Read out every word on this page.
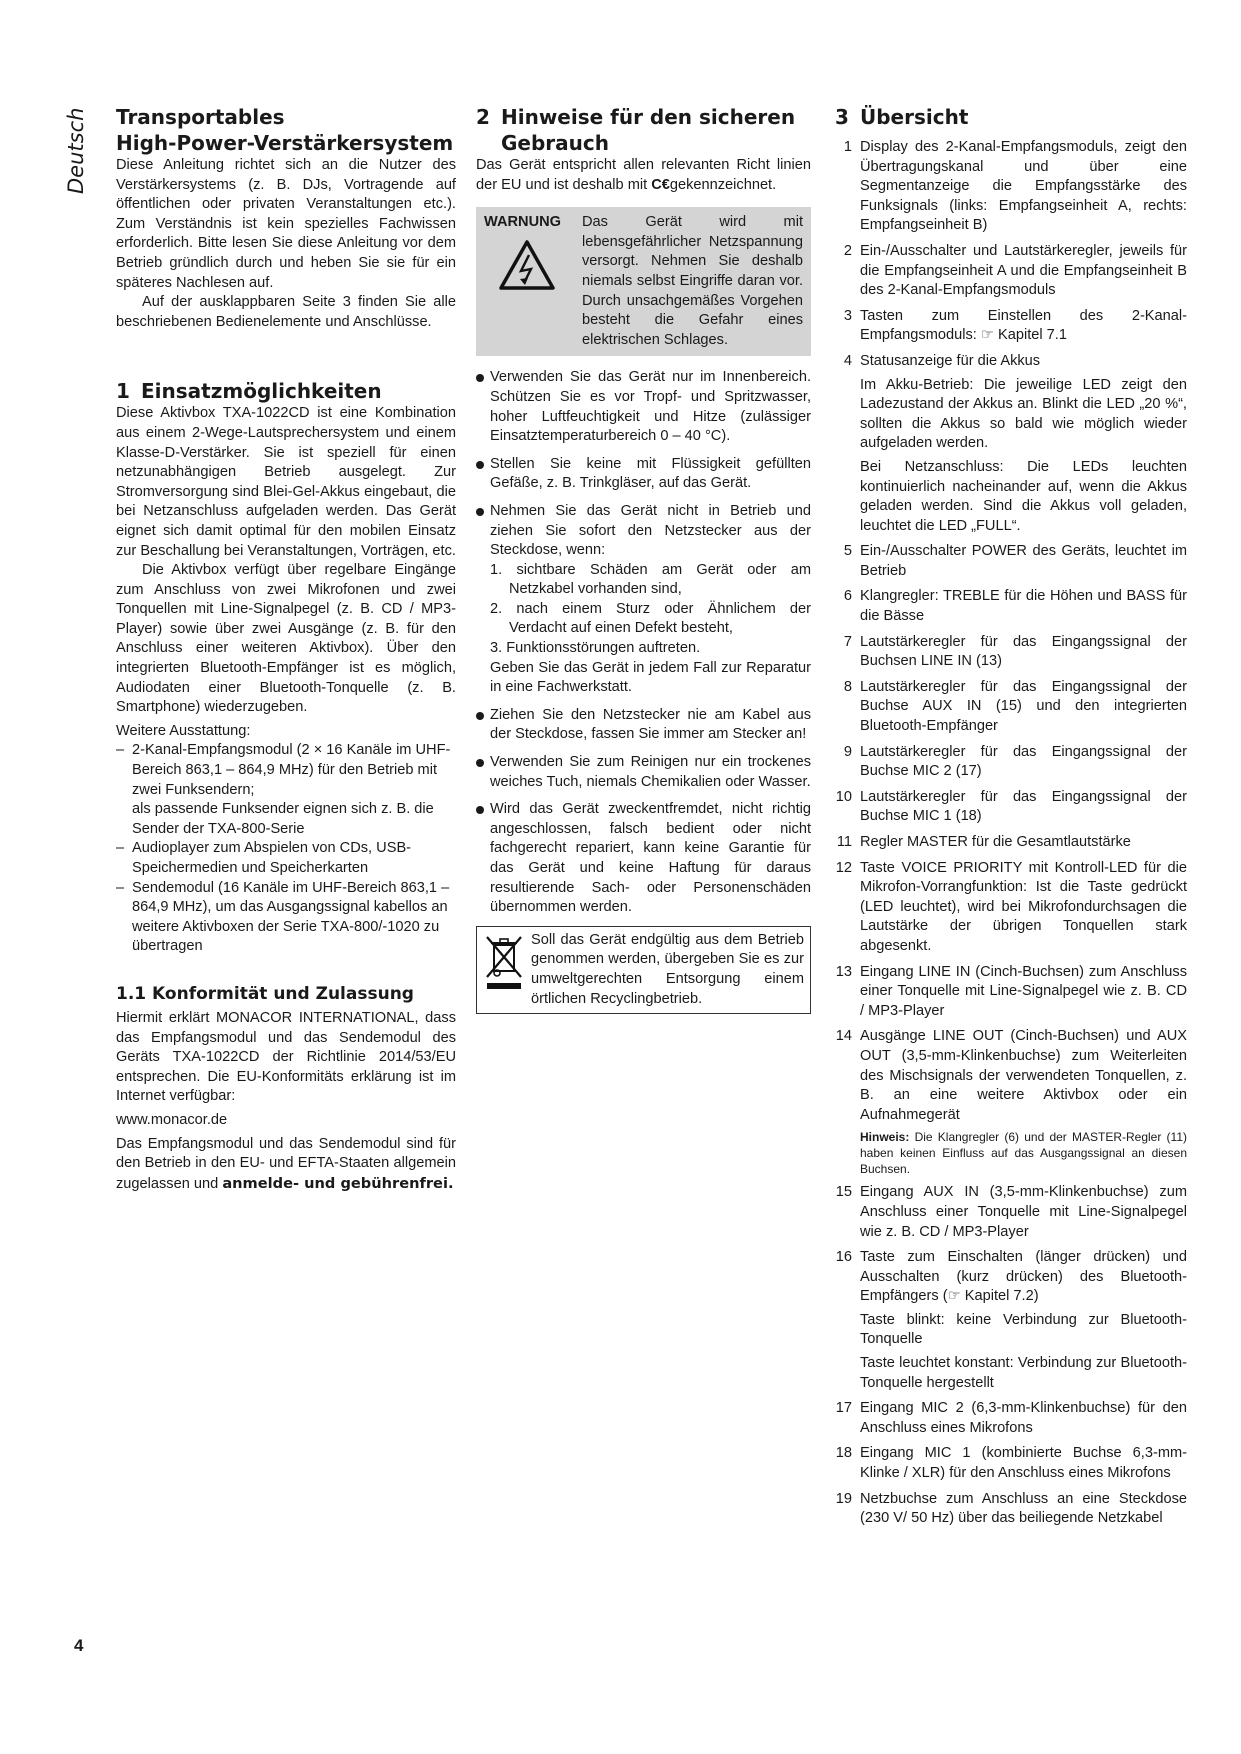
Deutsch Transportables
High-Power-Verstärkersystem

Diese Anleitung richtet sich an die Nutzer des Verstärkersystems (z. B. DJs, Vortragende auf öffentlichen oder privaten Veranstaltungen etc.). Zum Verständnis ist kein spezielles Fachwissen erforderlich. Bitte lesen Sie diese Anleitung vor dem Betrieb gründlich durch und heben Sie sie für ein späteres Nachlesen auf.

Auf der ausklappbaren Seite 3 finden Sie alle beschriebenen Bedienelemente und Anschlüsse.

1 Einsatzmöglichkeiten

Diese Aktivbox TXA-1022CD ist eine Kombination aus einem 2-Wege-Lautsprechersystem und einem Klasse-D-Verstärker. Sie ist speziell für einen netzunabhängigen Betrieb ausgelegt. Zur Stromversorgung sind Blei-Gel-Akkus eingebaut, die bei Netzanschluss aufgeladen werden. Das Gerät eignet sich damit optimal für den mobilen Einsatz zur Beschallung bei Veranstaltungen, Vorträgen, etc.

Die Aktivbox verfügt über regelbare Eingänge zum Anschluss von zwei Mikrofonen und zwei Tonquellen mit Line-Signalpegel (z. B. CD / MP3-Player) sowie über zwei Ausgänge (z. B. für den Anschluss einer weiteren Aktivbox). Über den integrierten Bluetooth-Empfänger ist es möglich, Audiodaten einer Bluetooth-Tonquelle (z. B. Smartphone) wiederzugeben.

Weitere Ausstattung:

– 2-Kanal-Empfangsmodul (2 × 16 Kanäle im UHF-Bereich 863,1 – 864,9 MHz) für den Betrieb mit zwei Funksendern;
als passende Funksender eignen sich z. B. die Sender der TXA-800-Serie
– Audioplayer zum Abspielen von CDs, USB-Speichermedien und Speicherkarten
– Sendemodul (16 Kanäle im UHF-Bereich 863,1 – 864,9 MHz), um das Ausgangssignal kabellos an weitere Aktivboxen der Serie TXA-800/-1020 zu übertragen
1.1 Konformität und Zulassung

Hiermit erklärt MONACOR INTERNATIONAL, dass das Empfangsmodul und das Sendemodul des Geräts TXA-1022CD der Richtlinie 2014/53/EU entsprechen. Die EU-Konformitäts erklärung ist im Internet verfügbar:

www.monacor.de

Das Empfangsmodul und das Sendemodul sind für den Betrieb in den EU- und EFTA-Staaten allgemein zugelassen und anmelde- und gebührenfrei.

2 Hinweise für den sicheren
Gebrauch

Das Gerät entspricht allen relevanten Richt linien der EU und ist deshalb mit C€gekennzeichnet.

WARNUNG	Das Gerät wird mit lebensgefährlicher Netzspannung versorgt. Nehmen Sie deshalb niemals selbst Eingriffe daran vor. Durch unsachgemäßes Vorgehen besteht die Gefahr eines elektrischen Schlages.
Verwenden Sie das Gerät nur im Innenbereich. Schützen Sie es vor Tropf- und Spritzwasser, hoher Luftfeuchtigkeit und Hitze (zulässiger Einsatztemperaturbereich 0 – 40 °C).
Stellen Sie keine mit Flüssigkeit gefüllten Gefäße, z. B. Trinkgläser, auf das Gerät.
Nehmen Sie das Gerät nicht in Betrieb und ziehen Sie sofort den Netzstecker aus der Steckdose, wenn:
1. sichtbare Schäden am Gerät oder am Netzkabel vorhanden sind,
2. nach einem Sturz oder Ähnlichem der Verdacht auf einen Defekt besteht,
3. Funktionsstörungen auftreten.
Geben Sie das Gerät in jedem Fall zur Reparatur in eine Fachwerkstatt.
Ziehen Sie den Netzstecker nie am Kabel aus der Steckdose, fassen Sie immer am Stecker an!
Verwenden Sie zum Reinigen nur ein trockenes weiches Tuch, niemals Chemikalien oder Wasser.
Wird das Gerät zweckentfremdet, nicht richtig angeschlossen, falsch bedient oder nicht fachgerecht repariert, kann keine Garantie für das Gerät und keine Haftung für daraus resultierende Sach- oder Personenschäden übernommen werden.
Soll das Gerät endgültig aus dem Betrieb genommen werden, übergeben Sie es zur umweltgerechten Entsorgung einem örtlichen Recyclingbetrieb.
3 Übersicht
1 Display des 2-Kanal-Empfangsmoduls, zeigt den Übertragungskanal und über eine Segmentanzeige die Empfangsstärke des Funksignals (links: Empfangseinheit A, rechts: Empfangseinheit B)
2 Ein-/Ausschalter und Lautstärkeregler, jeweils für die Empfangseinheit A und die Empfangseinheit B des 2-Kanal-Empfangsmoduls
3 Tasten zum Einstellen des 2-Kanal-Empfangsmoduls: ☞ Kapitel 7.1
4 Statusanzeige für die Akkus

Im Akku-Betrieb: Die jeweilige LED zeigt den Ladezustand der Akkus an. Blinkt die LED „20 %“, sollten die Akkus so bald wie möglich wieder aufgeladen werden.

Bei Netzanschluss: Die LEDs leuchten kontinuierlich nacheinander auf, wenn die Akkus geladen werden. Sind die Akkus voll geladen, leuchtet die LED „FULL“.

5 Ein-/Ausschalter POWER des Geräts, leuchtet im Betrieb
6 Klangregler: TREBLE für die Höhen und BASS für die Bässe
7 Lautstärkeregler für das Eingangssignal der Buchsen LINE IN (13)
8 Lautstärkeregler für das Eingangssignal der Buchse AUX IN (15) und den integrierten Bluetooth-Empfänger
9 Lautstärkeregler für das Eingangssignal der Buchse MIC 2 (17)
10 Lautstärkeregler für das Eingangssignal der Buchse MIC 1 (18)
11 Regler MASTER für die Gesamtlautstärke
12 Taste VOICE PRIORITY mit Kontroll-LED für die Mikrofon-Vorrangfunktion: Ist die Taste gedrückt (LED leuchtet), wird bei Mikrofondurchsagen die Lautstärke der übrigen Tonquellen stark abgesenkt.
13 Eingang LINE IN (Cinch-Buchsen) zum Anschluss einer Tonquelle mit Line-Signalpegel wie z. B. CD / MP3-Player
14 Ausgänge LINE OUT (Cinch-Buchsen) und AUX OUT (3,5-mm-Klinkenbuchse) zum Weiterleiten des Mischsignals der verwendeten Tonquellen, z. B. an eine weitere Aktivbox oder ein Aufnahmegerät

Hinweis: Die Klangregler (6) und der MASTER-Regler (11) haben keinen Einfluss auf das Ausgangssignal an diesen Buchsen.

15 Eingang AUX IN (3,5-mm-Klinkenbuchse) zum Anschluss einer Tonquelle mit Line-Signalpegel wie z. B. CD / MP3-Player
16 Taste zum Einschalten (länger drücken) und Ausschalten (kurz drücken) des Bluetooth-Empfängers (☞ Kapitel 7.2)

Taste blinkt: keine Verbindung zur Bluetooth-Tonquelle

Taste leuchtet konstant: Verbindung zur Bluetooth-Tonquelle hergestellt

17 Eingang MIC 2 (6,3-mm-Klinkenbuchse) für den Anschluss eines Mikrofons
18 Eingang MIC 1 (kombinierte Buchse 6,3-mm-Klinke / XLR) für den Anschluss eines Mikrofons
19 Netzbuchse zum Anschluss an eine Steckdose (230 V/ 50 Hz) über das beiliegende Netzkabel
4
